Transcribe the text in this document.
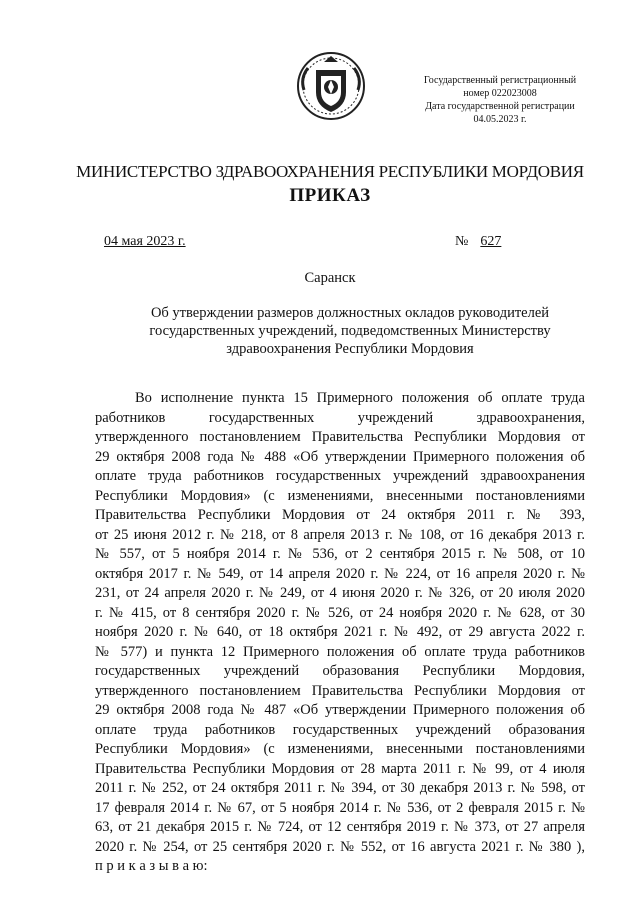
Государственный регистрационный
номер 022023008
Дата государственной регистрации
04.05.2023 г.
МИНИСТЕРСТВО ЗДРАВООХРАНЕНИЯ РЕСПУБЛИКИ МОРДОВИЯ
ПРИКАЗ
04 мая 2023 г.	№ 627
Саранск
Об утверждении размеров должностных окладов руководителей
государственных учреждений, подведомственных Министерству
здравоохранения Республики Мордовия
Во исполнение пункта 15 Примерного положения об оплате труда
работников государственных учреждений здравоохранения,
утвержденного постановлением Правительства Республики Мордовия от
29 октября 2008 года № 488 «Об утверждении Примерного положения об
оплате труда работников государственных учреждений здравоохранения
Республики Мордовия» (с изменениями, внесенными постановлениями
Правительства Республики Мордовия от 24 октября 2011 г. № 393,
от 25 июня 2012 г. № 218, от 8 апреля 2013 г. № 108, от 16 декабря 2013 г.
№ 557, от 5 ноября 2014 г. № 536, от 2 сентября 2015 г. № 508, от 10
октября 2017 г. № 549, от 14 апреля 2020 г. № 224, от 16 апреля 2020 г. №
231, от 24 апреля 2020 г. № 249, от 4 июня 2020 г. № 326, от 20 июля 2020
г. № 415, от 8 сентября 2020 г. № 526, от 24 ноября 2020 г. № 628, от 30
ноября 2020 г. № 640, от 18 октября 2021 г. № 492, от 29 августа 2022 г.
№ 577) и пункта 12 Примерного положения об оплате труда работников
государственных учреждений образования Республики Мордовия,
утвержденного постановлением Правительства Республики Мордовия от
29 октября 2008 года № 487 «Об утверждении Примерного положения об
оплате труда работников государственных учреждений образования
Республики Мордовия» (с изменениями, внесенными постановлениями
Правительства Республики Мордовия от 28 марта 2011 г. № 99, от 4 июля
2011 г. № 252, от 24 октября 2011 г. № 394, от 30 декабря 2013 г. № 598, от
17 февраля 2014 г. № 67, от 5 ноября 2014 г. № 536, от 2 февраля 2015 г. №
63, от 21 декабря 2015 г. № 724, от 12 сентября 2019 г. № 373, от 27 апреля
2020 г. № 254, от 25 сентября 2020 г. № 552, от 16 августа 2021 г. № 380 ),
п р и к а з ы в а ю:
